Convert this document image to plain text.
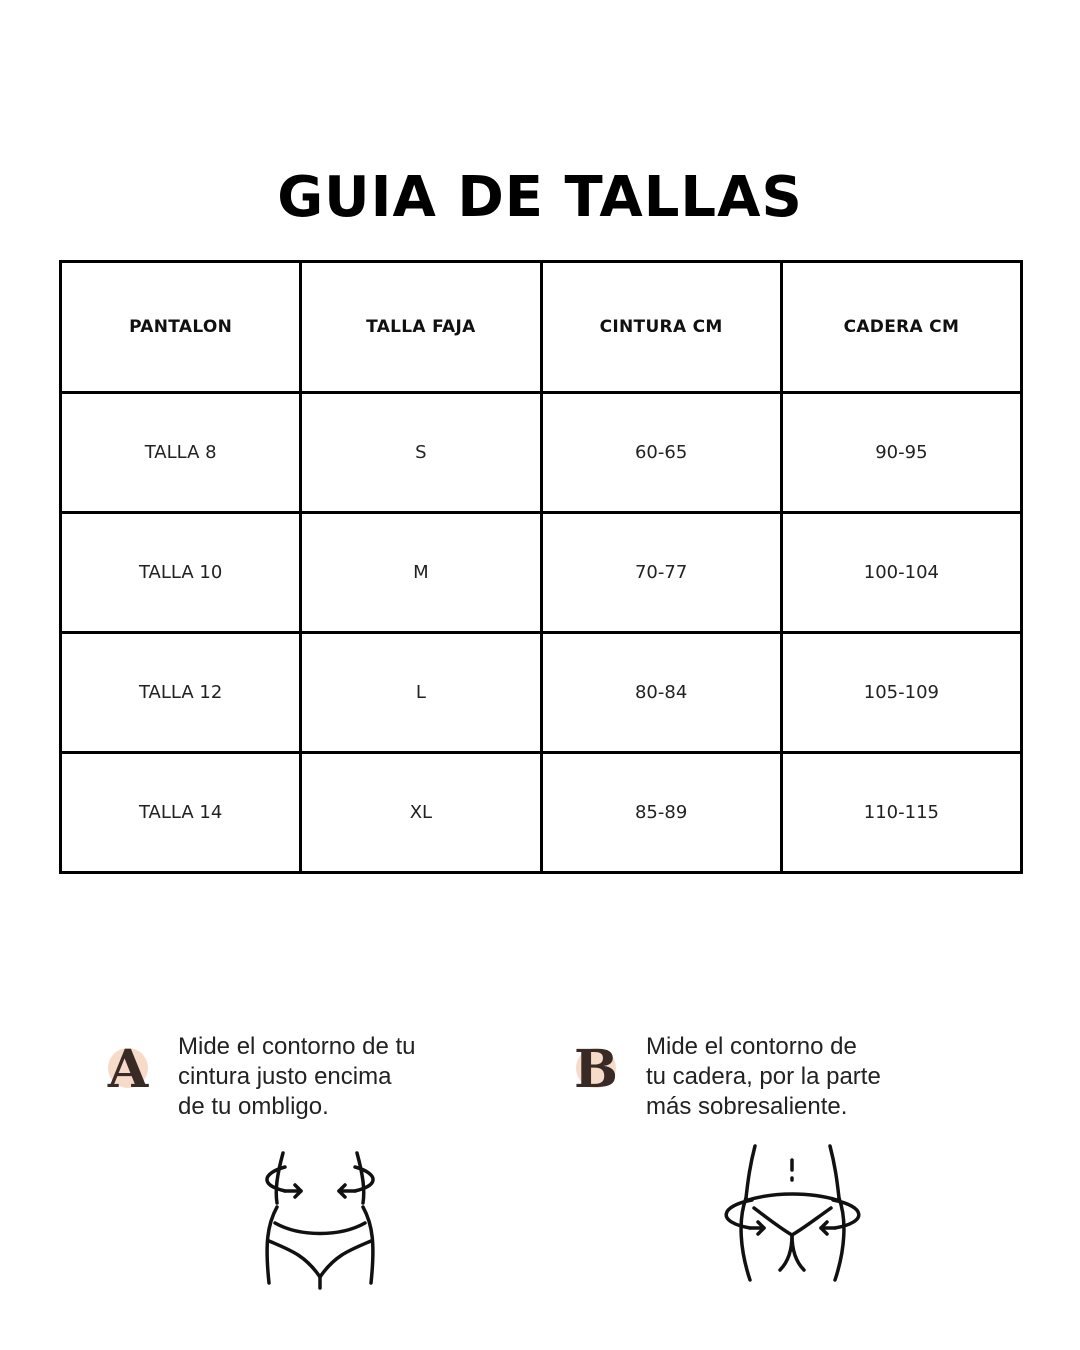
GUIA DE TALLAS
PANTALON	TALLA FAJA	CINTURA CM	CADERA CM
TALLA 8	S	60-65	90-95
TALLA 10	M	70-77	100-104
TALLA 12	L	80-84	105-109
TALLA 14	XL	85-89	110-115
A	Mide el contorno de tu
cintura justo encima
de tu ombligo.
B Mide el contorno de
tu cadera, por la parte
más sobresaliente.
